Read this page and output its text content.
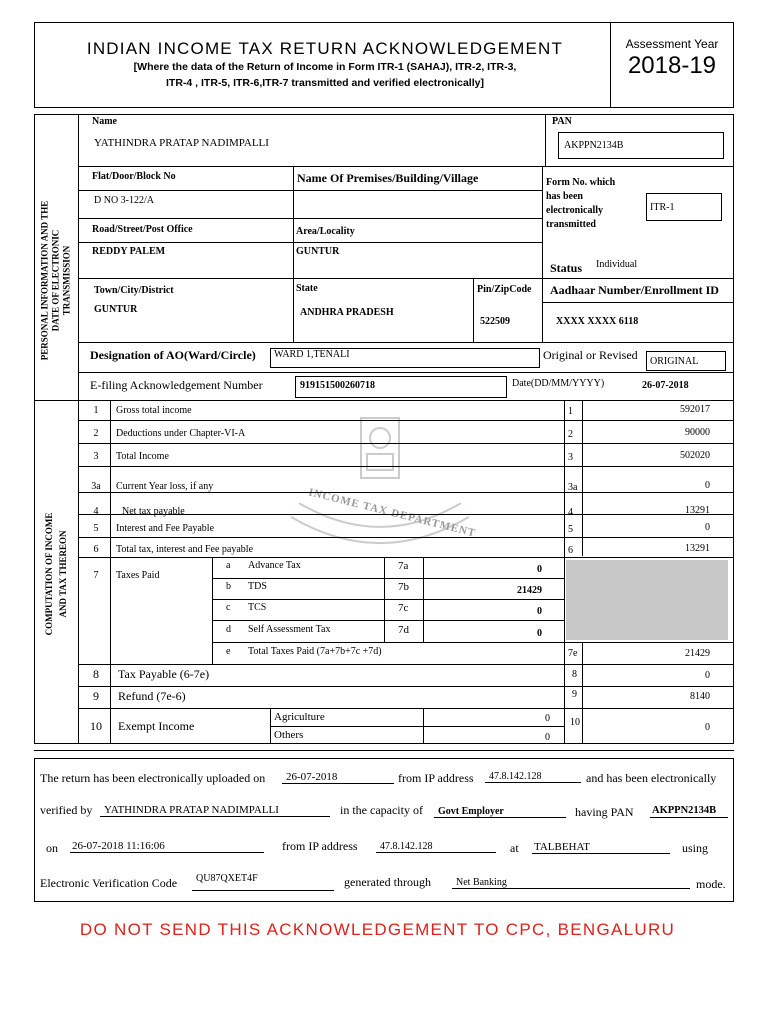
INDIAN INCOME TAX RETURN ACKNOWLEDGEMENT
[Where the data of the Return of Income in Form ITR-1 (SAHAJ), ITR-2, ITR-3,
ITR-4 , ITR-5, ITR-6,ITR-7 transmitted and verified electronically]
Assessment Year
2018-19
PERSONAL INFORMATION AND THE DATE OF ELECTRONIC TRANSMISSION
Name
YATHINDRA PRATAP NADIMPALLI
PAN
AKPPN2134B
Flat/Door/Block No	Name Of Premises/Building/Village
D NO 3-122/A
Road/Street/Post Office	Area/Locality
REDDY PALEM	GUNTUR
Form No. which
has been
electronically
transmitted
ITR-1
Status Individual
Town/City/District	State	Pin/ZipCode Aadhaar Number/Enrollment ID
GUNTUR	ANDHRA PRADESH
522509	XXXX XXXX 6118
Designation of AO(Ward/Circle) WARD 1,TENALI	Original or Revised ORIGINAL
E-filing Acknowledgement Number	919151500260718	Date(DD/MM/YYYY)	26-07-2018
COMPUTATION OF INCOME AND TAX THEREON
INCOME TAX DEPARTMENT
1	Gross total income	1	592017
2	Deductions under Chapter-VI-A	2	90000
3	Total Income	3	502020
3a	Current Year loss, if any	3a	0
4	Net tax payable	4	13291
5	Interest and Fee Payable	5	0
6	Total tax, interest and Fee payable	6	13291
7	Taxes Paid
a Advance Tax	7a	0
b TDS	7b	21429
c TCS	7c	0
d Self Assessment Tax	7d	0
e Total Taxes Paid (7a+7b+7c +7d)	7e	21429
8	Tax Payable (6-7e)	8	0
9	Refund (7e-6)	9	8140
10	Exempt Income
Agriculture	0
Others	0
10	0
The return has been electronically uploaded on	26-07-2018	from IP address	47.8.142.128	and has been electronically
verified by	YATHINDRA PRATAP NADIMPALLI	in the capacity of	Govt Employer	having PAN AKPPN2134B
on 26-07-2018 11:16:06	from IP address	47.8.142.128	at TALBEHAT	using
Electronic Verification Code	QU87QXET4F	generated through	Net Banking	mode.
DO NOT SEND THIS ACKNOWLEDGEMENT TO CPC, BENGALURU
